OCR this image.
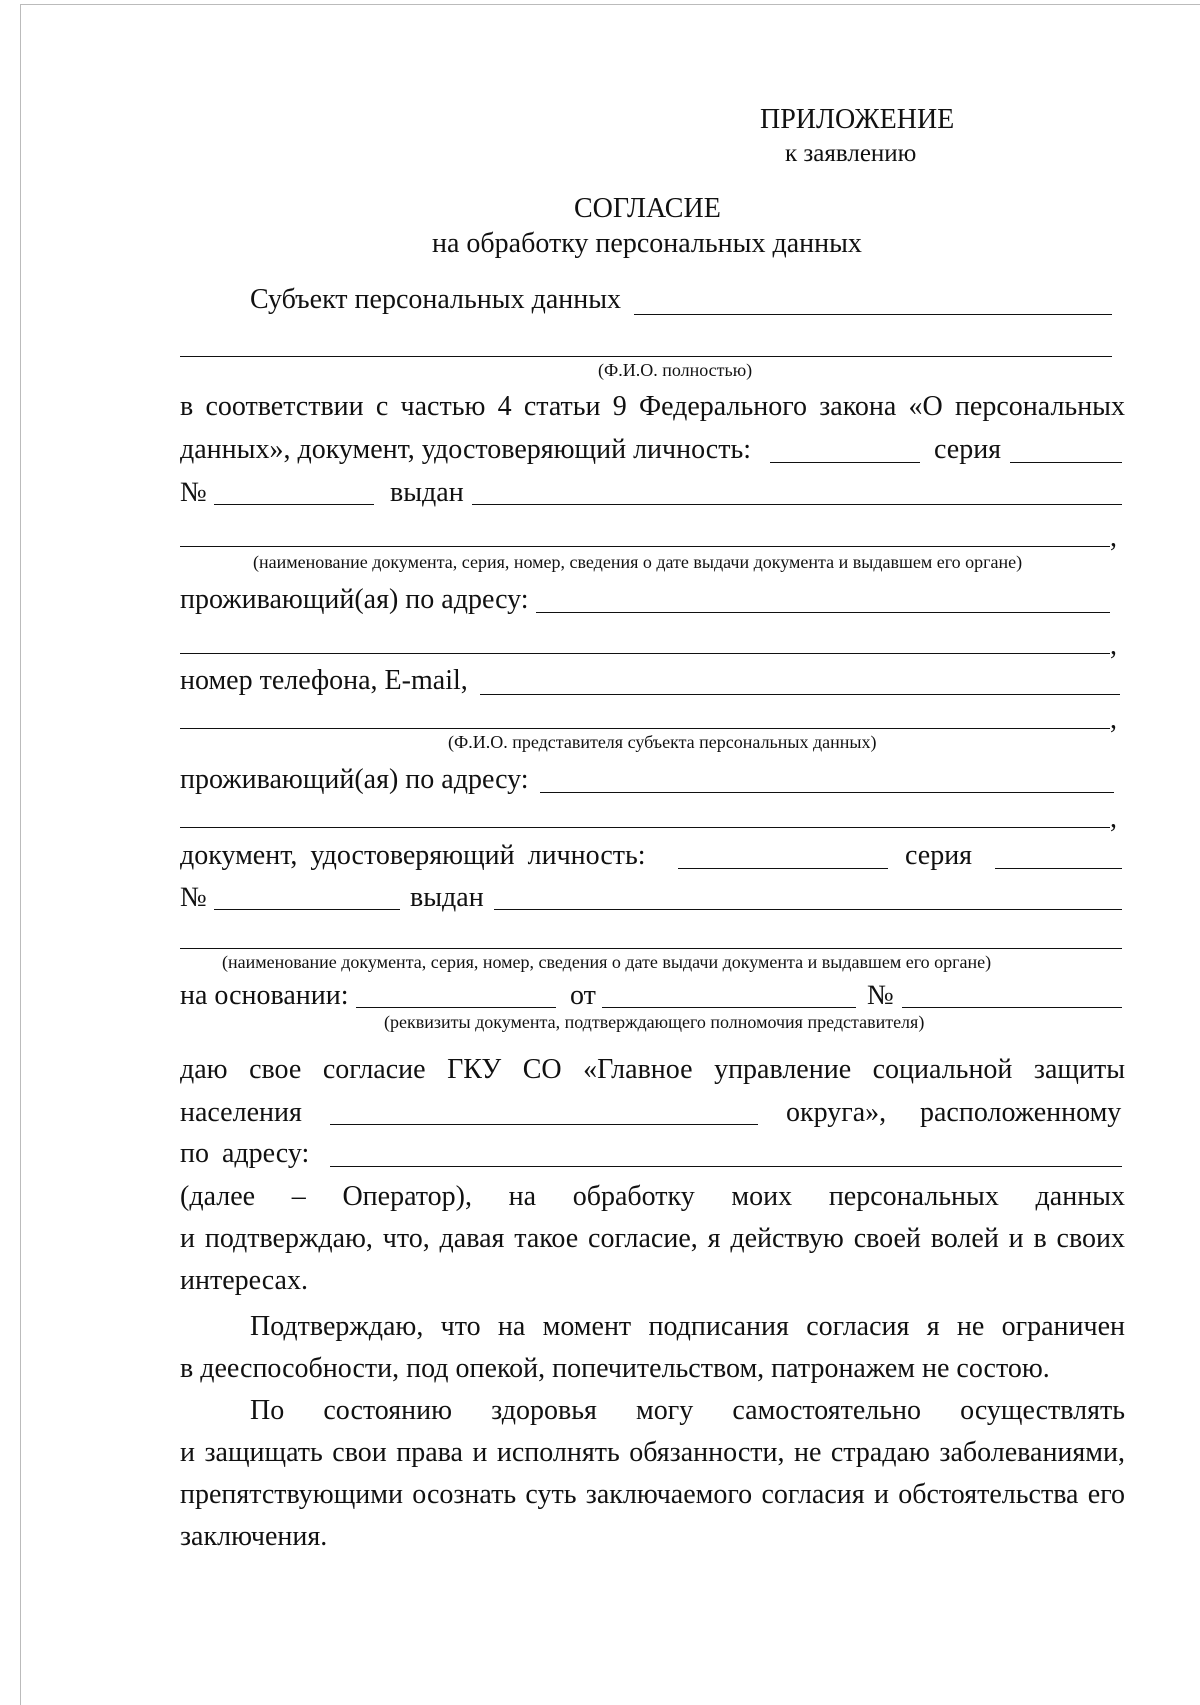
ПРИЛОЖЕНИЕ
к заявлению
СОГЛАСИЕ
на обработку персональных данных
Субъект персональных данных
(Ф.И.О. полностью)
в соответствии с частью 4 статьи 9 Федерального закона «О персональных
данных», документ, удостоверяющий личность:	серия
№	выдан
,
(наименование документа, серия, номер, сведения о дате выдачи документа и выдавшем его органе)
проживающий(ая) по адресу:
,
номер телефона, E-mail,
,
(Ф.И.О. представителя субъекта персональных данных)
проживающий(ая) по адресу:
,
документ, удостоверяющий личность:	серия
№	выдан
(наименование документа, серия, номер, сведения о дате выдачи документа и выдавшем его органе)
на основании:	от	№
(реквизиты документа, подтверждающего полномочия представителя)
даю свое согласие ГКУ СО «Главное управление социальной защиты
населения	округа», расположенному
по адресу:
(далее – Оператор), на обработку моих персональных данных
и подтверждаю, что, давая такое согласие, я действую своей волей и в своих
интересах.
Подтверждаю, что на момент подписания согласия я не ограничен
в дееспособности, под опекой, попечительством, патронажем не состою.
По состоянию здоровья могу самостоятельно осуществлять
и защищать свои права и исполнять обязанности, не страдаю заболеваниями,
препятствующими осознать суть заключаемого согласия и обстоятельства его
заключения.
